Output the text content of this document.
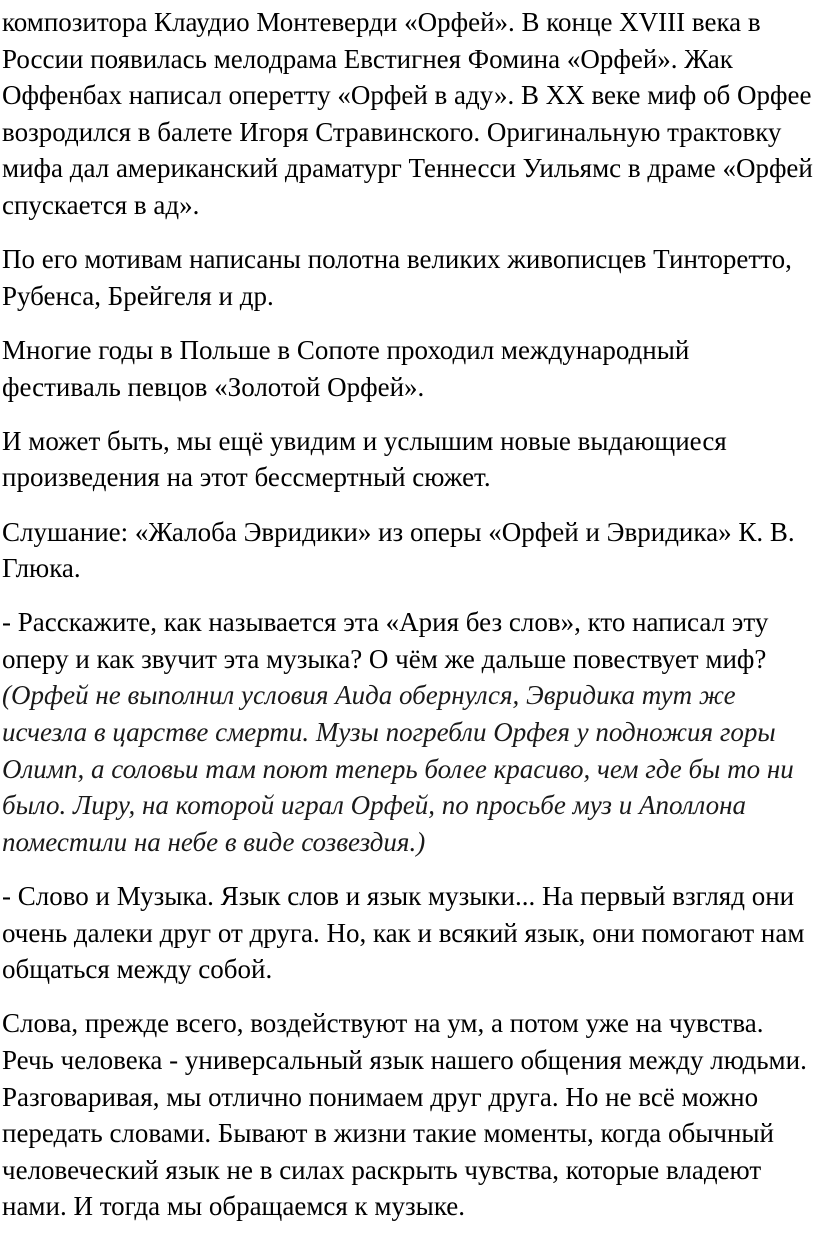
композитора Клаудио Монтеверди «Орфей». В конце XVIII века в России появилась мелодрама Евстигнея Фомина «Орфей». Жак Оффенбах написал оперетту «Орфей в аду». В XX веке миф об Орфее возродился в балете Игоря Стравинского. Оригинальную трактовку мифа дал американский драматург Теннесси Уильямс в драме «Орфей спускается в ад».

По его мотивам написаны полотна великих живописцев Тинторетто, Рубенса, Брейгеля и др.

Многие годы в Польше в Сопоте проходил международный фестиваль певцов «Золотой Орфей».

И может быть, мы ещё увидим и услышим новые выдающиеся произведения на этот бессмертный сюжет.

Слушание: «Жалоба Эвридики» из оперы «Орфей и Эвридика» К. В. Глюка.

- Расскажите, как называется эта «Ария без слов», кто написал эту оперу и как звучит эта музыка? О чём же дальше повествует миф? (Орфей не выполнил условия Аида обернулся, Эвридика тут же исчезла в царстве смерти. Музы погребли Орфея у подножия горы Олимп, а соловьи там поют теперь более красиво, чем где бы то ни было. Лиру, на которой играл Орфей, по просьбе муз и Аполлона поместили на небе в виде созвездия.)

- Слово и Музыка. Язык слов и язык музыки... На первый взгляд они очень далеки друг от друга. Но, как и всякий язык, они помогают нам общаться между собой.

Слова, прежде всего, воздействуют на ум, а потом уже на чувства. Речь человека - универсальный язык нашего общения между людьми. Разговаривая, мы отлично понимаем друг друга. Но не всё можно передать словами. Бывают в жизни такие моменты, когда обычный человеческий язык не в силах раскрыть чувства, которые владеют нами. И тогда мы обращаемся к музыке.
